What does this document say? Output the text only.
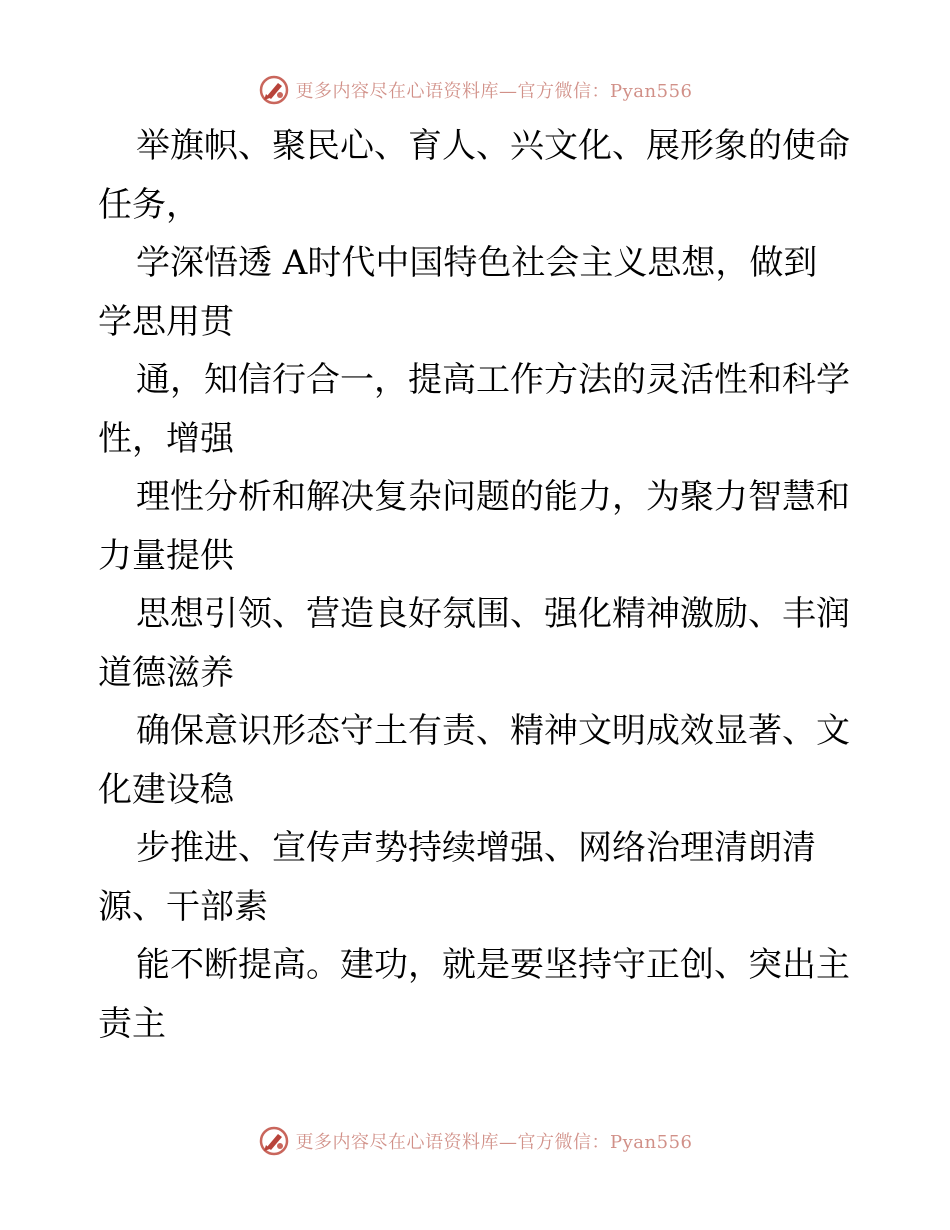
更多内容尽在心语资料库—官方微信：Pyan556
举旗帜、聚民心、育人、兴文化、展形象的使命
任务，
学深悟透 A时代中国特色社会主义思想，做到
学思用贯
通，知信行合一，提高工作方法的灵活性和科学
性，增强
理性分析和解决复杂问题的能力，为聚力智慧和
力量提供
思想引领、营造良好氛围、强化精神激励、丰润
道德滋养
确保意识形态守土有责、精神文明成效显著、文
化建设稳
步推进、宣传声势持续增强、网络治理清朗清
源、干部素
能不断提高。建功，就是要坚持守正创、突出主
责主
更多内容尽在心语资料库—官方微信：Pyan556
